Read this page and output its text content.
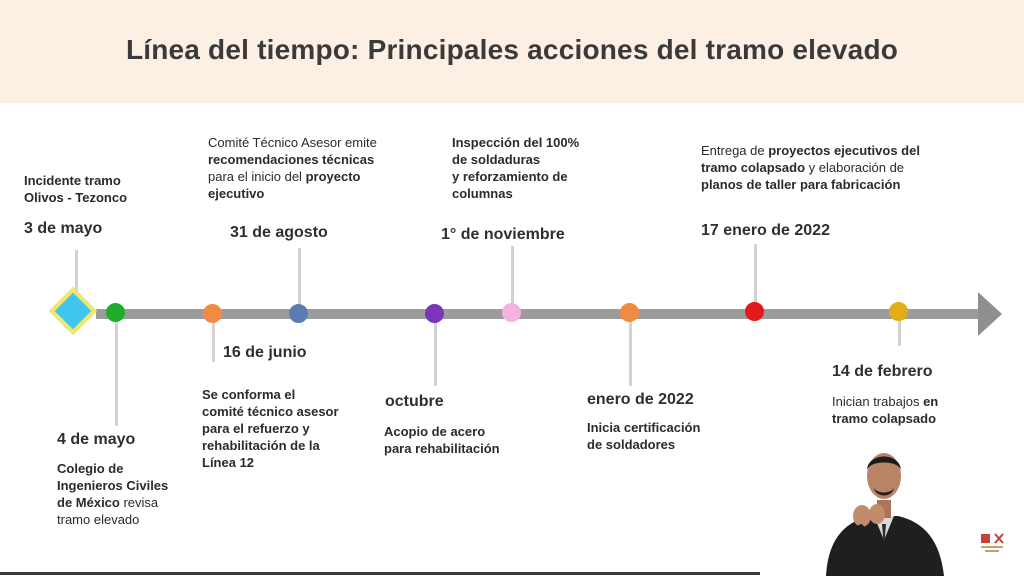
Línea del tiempo: Principales acciones del tramo elevado
Incidente tramo
Olivos - Tezonco
3 de mayo
Comité Técnico Asesor emite
recomendaciones técnicas
para el inicio del proyecto
ejecutivo
31 de agosto
Inspección del 100%
de soldaduras
y reforzamiento de
columnas
1° de noviembre
Entrega de proyectos ejecutivos del
tramo colapsado y elaboración de
planos de taller para fabricación
17 enero de 2022
4 de mayo
Colegio de
Ingenieros Civiles
de México revisa
tramo elevado
16 de junio
Se conforma el
comité técnico asesor
para el refuerzo y
rehabilitación de la
Línea 12
octubre
Acopio de acero
para rehabilitación
enero de 2022
Inicia certificación
de soldadores
14 de febrero
Inician trabajos en
tramo colapsado
